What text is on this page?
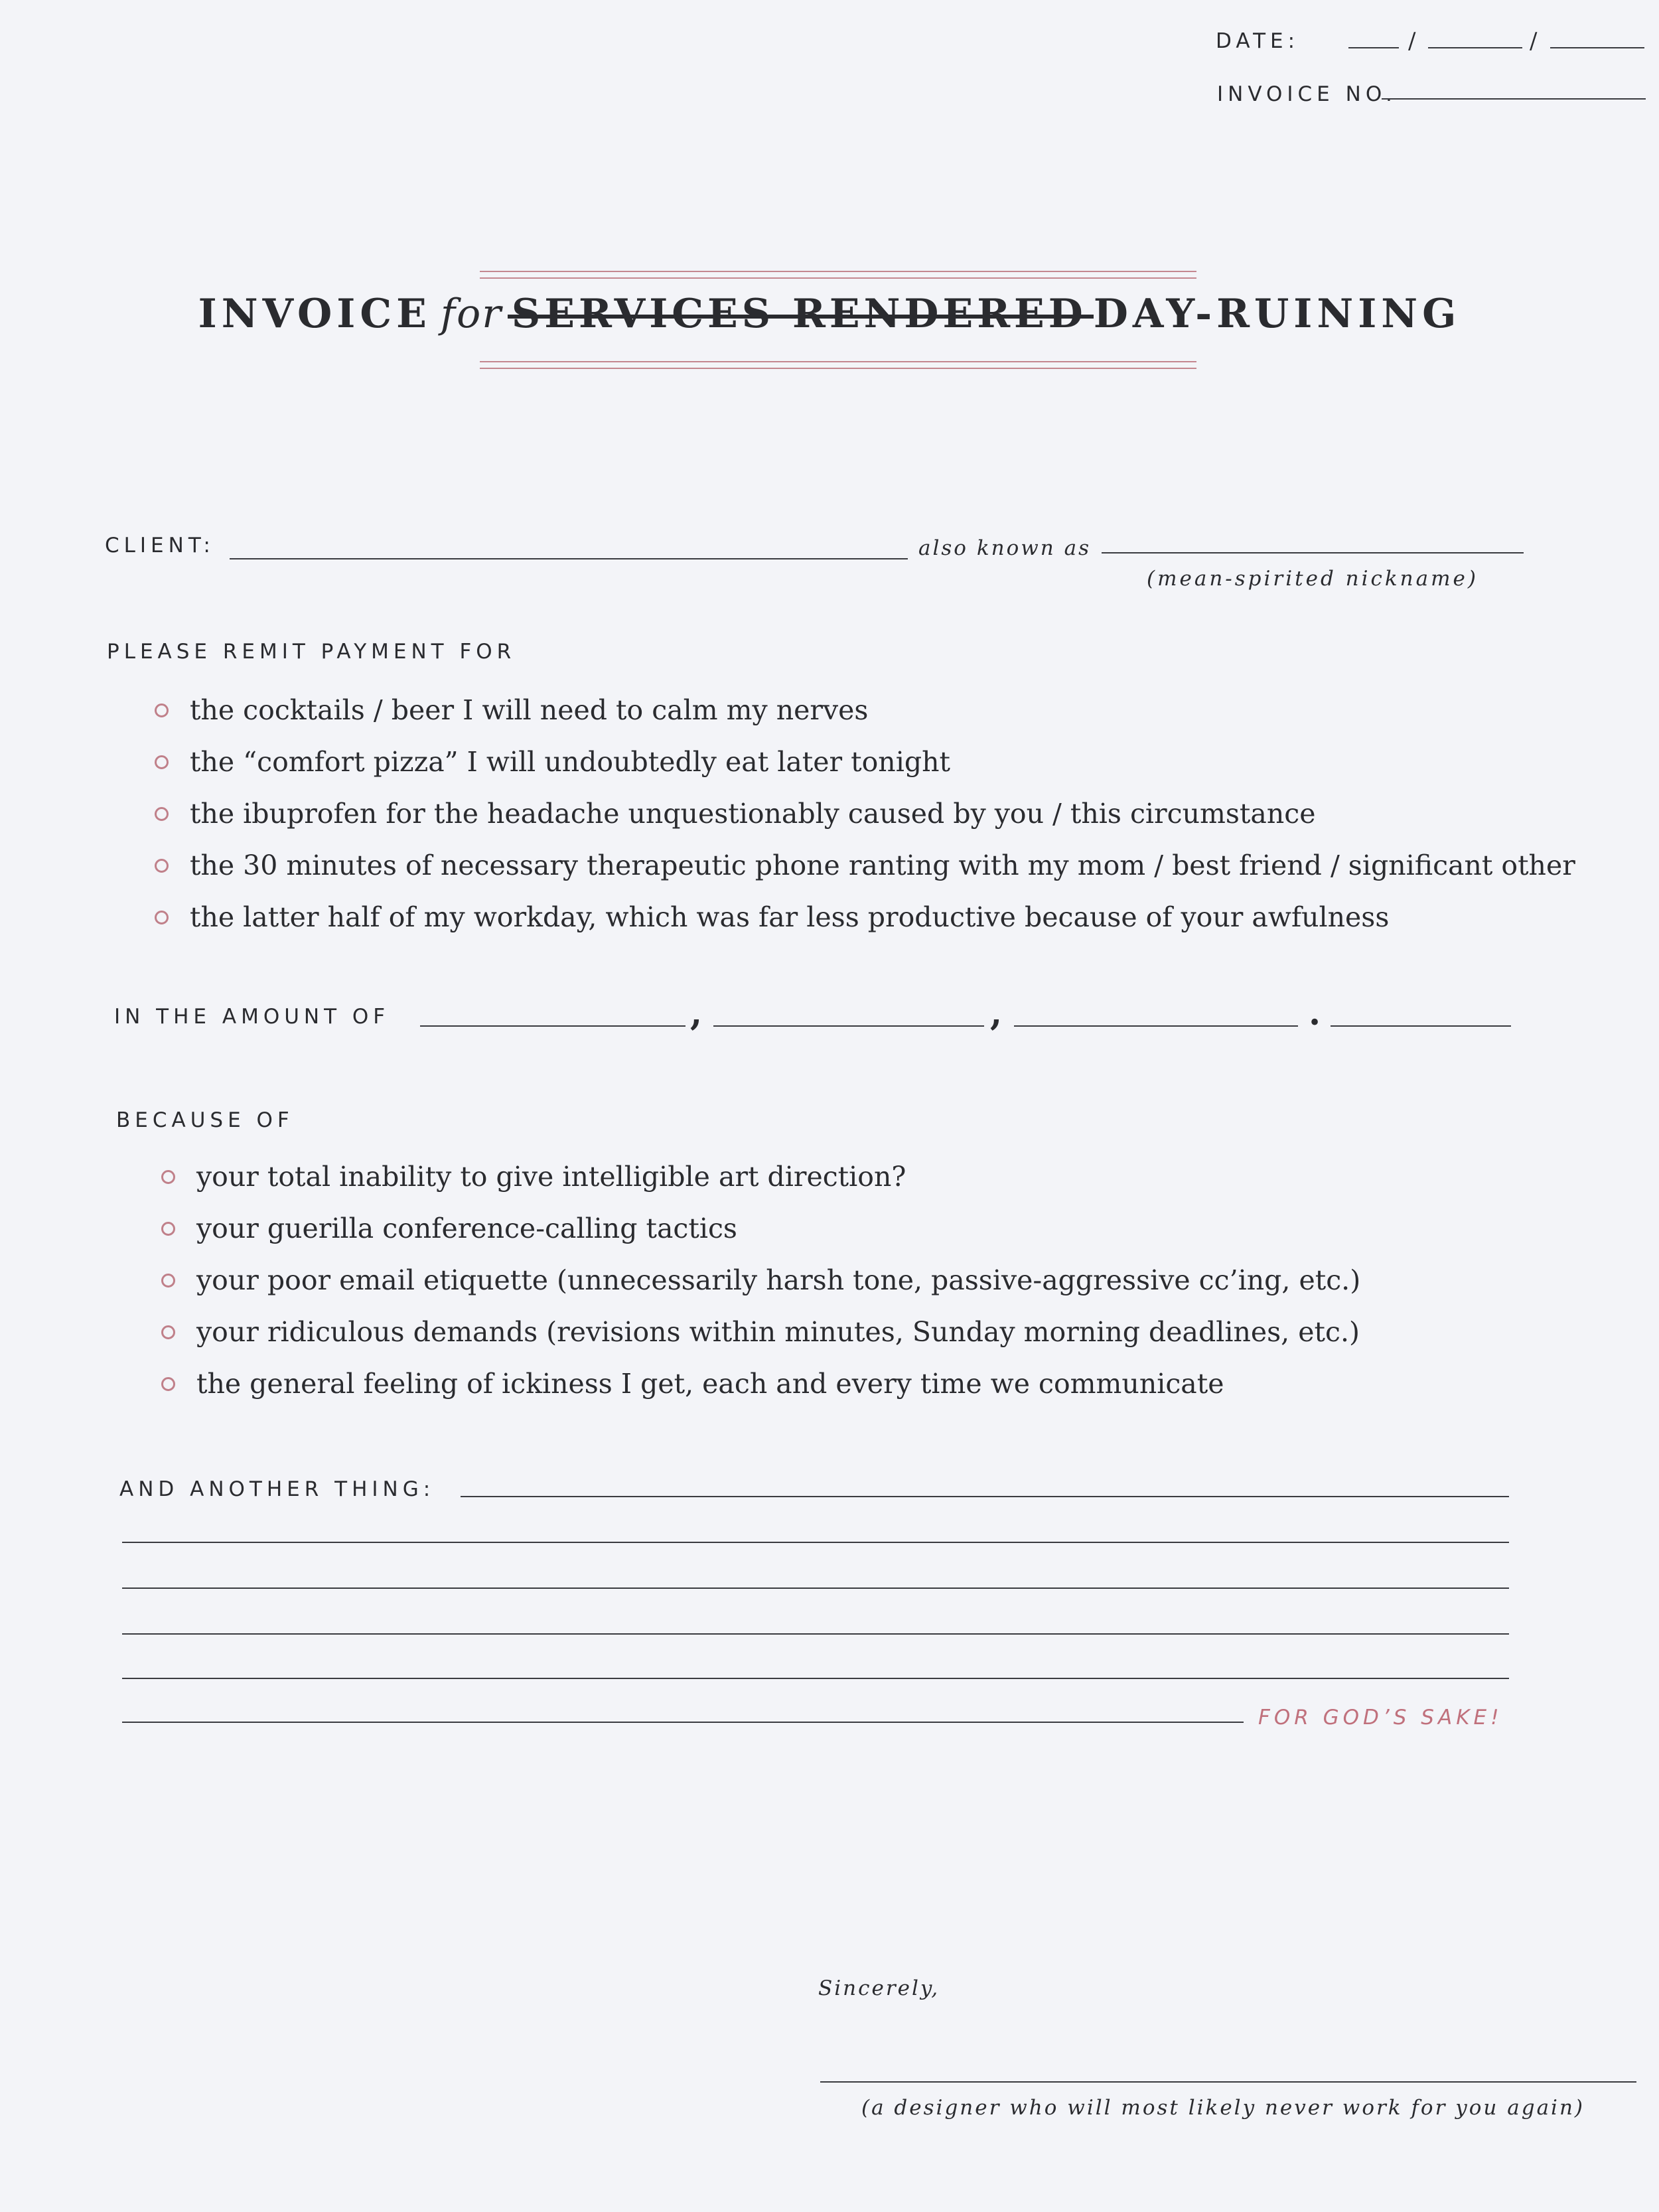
DATE:	/	/
INVOICE NO.
INVOICE for SERVICES RENDERED DAY-RUINING
CLIENT:	also known as
(mean-spirited nickname)
PLEASE REMIT PAYMENT FOR
the cocktails / beer I will need to calm my nerves
the “comfort pizza” I will undoubtedly eat later tonight
the ibuprofen for the headache unquestionably caused by you / this circumstance
the 30 minutes of necessary therapeutic phone ranting with my mom / best friend / significant other
the latter half of my workday, which was far less productive because of your awfulness
IN THE AMOUNT OF	,	,	.
BECAUSE OF
your total inability to give intelligible art direction?
your guerilla conference-calling tactics
your poor email etiquette (unnecessarily harsh tone, passive-aggressive cc’ing, etc.)
your ridiculous demands (revisions within minutes, Sunday morning deadlines, etc.)
the general feeling of ickiness I get, each and every time we communicate
AND ANOTHER THING:
FOR GOD’S SAKE!
Sincerely,
(a designer who will most likely never work for you again)
